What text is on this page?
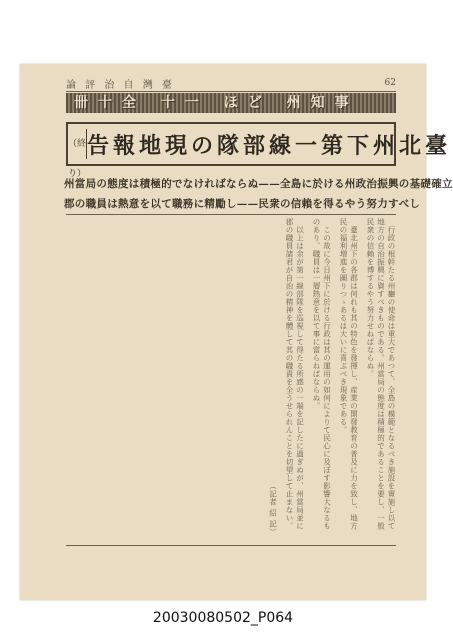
論 評 治 自 灣 臺	62
卌十全 十一 ほど 州知事
（終り）
告報地現の隊部線一第下州北臺
州當局の態度は積極的でなければならぬ——全島に於ける州政治振興の基礎確立
郡の職員は熱意を以て職務に精勵し——民衆の信賴を得るやう努力すべし

行政の根幹たる州廳の使命は重大であつて、全島の模範となるべき施設を實施し以て地方の自治振興に資すべきものである。州當局の態度は積極的であることを要し、一般民衆の信賴を博するやう努力せねばならぬ。

臺北州下の各郡は何れも其の特色を發揮し、産業の開發教育の普及に力を致し、地方民の福利増進を圖りつゝあるは大いに喜ぶべき現象である。

この故に今日州下に於ける行政は其の運用の如何によりて民心に及ぼす影響大なるものあり、職員は一層熱意を以て事に當らねばならぬ。

以上は余が第一線部隊を巡視して得たる所感の一端を記したに過ぎぬが、州當局並に郡の職員諸君が自治の精神を體して其の職責を全うせられんことを切望して止まない。

（記者 紹 記）

20030080502_P064
